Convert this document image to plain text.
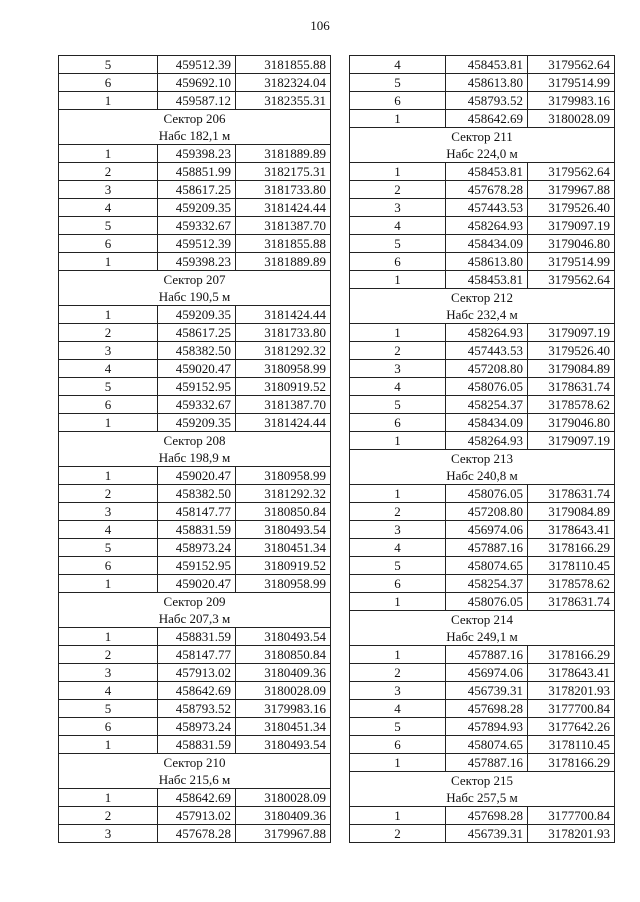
106
5	459512.39	3181855.88
6	459692.10	3182324.04
1	459587.12	3182355.31
Сектор 206		
Набс 182,1 м		
1	459398.23	3181889.89
2	458851.99	3182175.31
3	458617.25	3181733.80
4	459209.35	3181424.44
5	459332.67	3181387.70
6	459512.39	3181855.88
1	459398.23	3181889.89
Сектор 207		
Набс 190,5 м		
1	459209.35	3181424.44
2	458617.25	3181733.80
3	458382.50	3181292.32
4	459020.47	3180958.99
5	459152.95	3180919.52
6	459332.67	3181387.70
1	459209.35	3181424.44
Сектор 208		
Набс 198,9 м		
1	459020.47	3180958.99
2	458382.50	3181292.32
3	458147.77	3180850.84
4	458831.59	3180493.54
5	458973.24	3180451.34
6	459152.95	3180919.52
1	459020.47	3180958.99
Сектор 209		
Набс 207,3 м		
1	458831.59	3180493.54
2	458147.77	3180850.84
3	457913.02	3180409.36
4	458642.69	3180028.09
5	458793.52	3179983.16
6	458973.24	3180451.34
1	458831.59	3180493.54
Сектор 210		
Набс 215,6 м		
1	458642.69	3180028.09
2	457913.02	3180409.36
3	457678.28	3179967.88
4	458453.81	3179562.64
5	458613.80	3179514.99
6	458793.52	3179983.16
1	458642.69	3180028.09
Сектор 211		
Набс 224,0 м		
1	458453.81	3179562.64
2	457678.28	3179967.88
3	457443.53	3179526.40
4	458264.93	3179097.19
5	458434.09	3179046.80
6	458613.80	3179514.99
1	458453.81	3179562.64
Сектор 212		
Набс 232,4 м		
1	458264.93	3179097.19
2	457443.53	3179526.40
3	457208.80	3179084.89
4	458076.05	3178631.74
5	458254.37	3178578.62
6	458434.09	3179046.80
1	458264.93	3179097.19
Сектор 213		
Набс 240,8 м		
1	458076.05	3178631.74
2	457208.80	3179084.89
3	456974.06	3178643.41
4	457887.16	3178166.29
5	458074.65	3178110.45
6	458254.37	3178578.62
1	458076.05	3178631.74
Сектор 214		
Набс 249,1 м		
1	457887.16	3178166.29
2	456974.06	3178643.41
3	456739.31	3178201.93
4	457698.28	3177700.84
5	457894.93	3177642.26
6	458074.65	3178110.45
1	457887.16	3178166.29
Сектор 215		
Набс 257,5 м		
1	457698.28	3177700.84
2	456739.31	3178201.93
